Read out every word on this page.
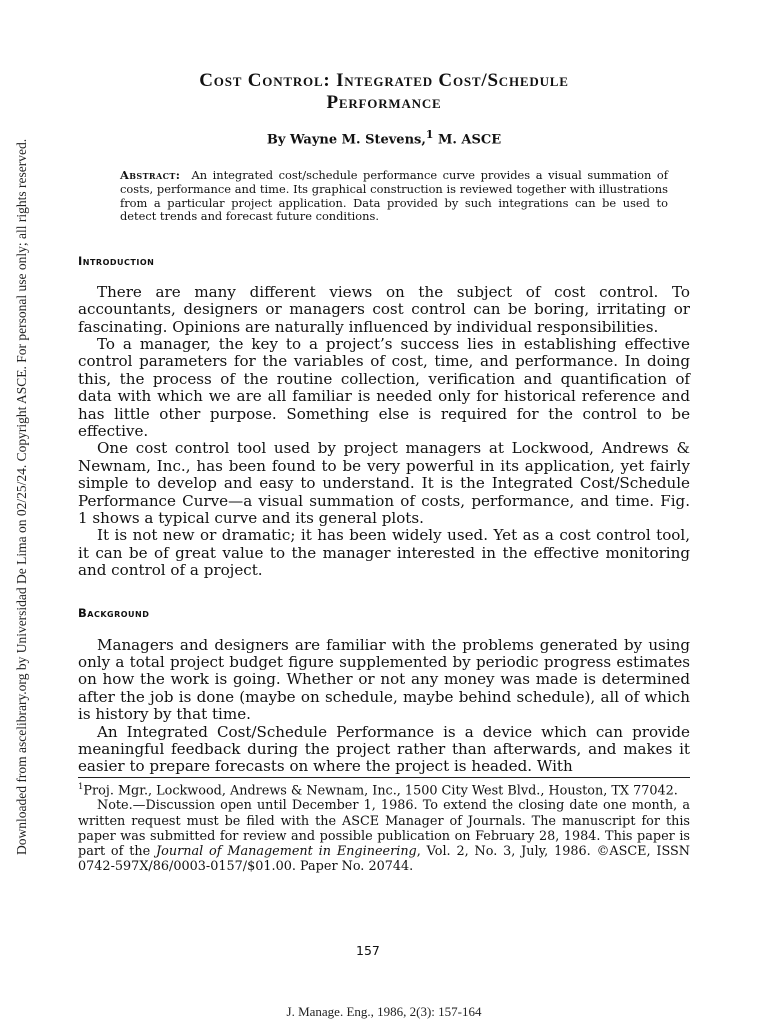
Downloaded from ascelibrary.org by Universidad De Lima on 02/25/24. Copyright ASCE. For personal use only; all rights reserved.
Cost Control: Integrated Cost/Schedule
Performance
By Wayne M. Stevens,$^1$ M. ASCE
Abstract: An integrated cost/schedule performance curve provides a visual summation of costs, performance and time. Its graphical construction is reviewed together with illustrations from a particular project application. Data provided by such integrations can be used to detect trends and forecast future conditions.
Introduction

There are many different views on the subject of cost control. To accountants, designers or managers cost control can be boring, irritating or fascinating. Opinions are naturally influenced by individual responsibilities.

To a manager, the key to a project’s success lies in establishing effective control parameters for the variables of cost, time, and performance. In doing this, the process of the routine collection, verification and quantification of data with which we are all familiar is needed only for historical reference and has little other purpose. Something else is required for the control to be effective.

One cost control tool used by project managers at Lockwood, Andrews & Newnam, Inc., has been found to be very powerful in its application, yet fairly simple to develop and easy to understand. It is the Integrated Cost/Schedule Performance Curve—a visual summation of costs, performance, and time. Fig. 1 shows a typical curve and its general plots.

It is not new or dramatic; it has been widely used. Yet as a cost control tool, it can be of great value to the manager interested in the effective monitoring and control of a project.

Background

Managers and designers are familiar with the problems generated by using only a total project budget figure supplemented by periodic progress estimates on how the work is going. Whether or not any money was made is determined after the job is done (maybe on schedule, maybe behind schedule), all of which is history by that time.

An Integrated Cost/Schedule Performance is a device which can provide meaningful feedback during the project rather than afterwards, and makes it easier to prepare forecasts on where the project is headed. With

$^1$Proj. Mgr., Lockwood, Andrews & Newnam, Inc., 1500 City West Blvd., Houston, TX 77042.

Note.—Discussion open until December 1, 1986. To extend the closing date one month, a written request must be filed with the ASCE Manager of Journals. The manuscript for this paper was submitted for review and possible publication on February 28, 1984. This paper is part of the Journal of Management in Engineering, Vol. 2, No. 3, July, 1986. ©ASCE, ISSN 0742-597X/86/0003-0157/$01.00. Paper No. 20744.

157
J. Manage. Eng., 1986, 2(3): 157-164
